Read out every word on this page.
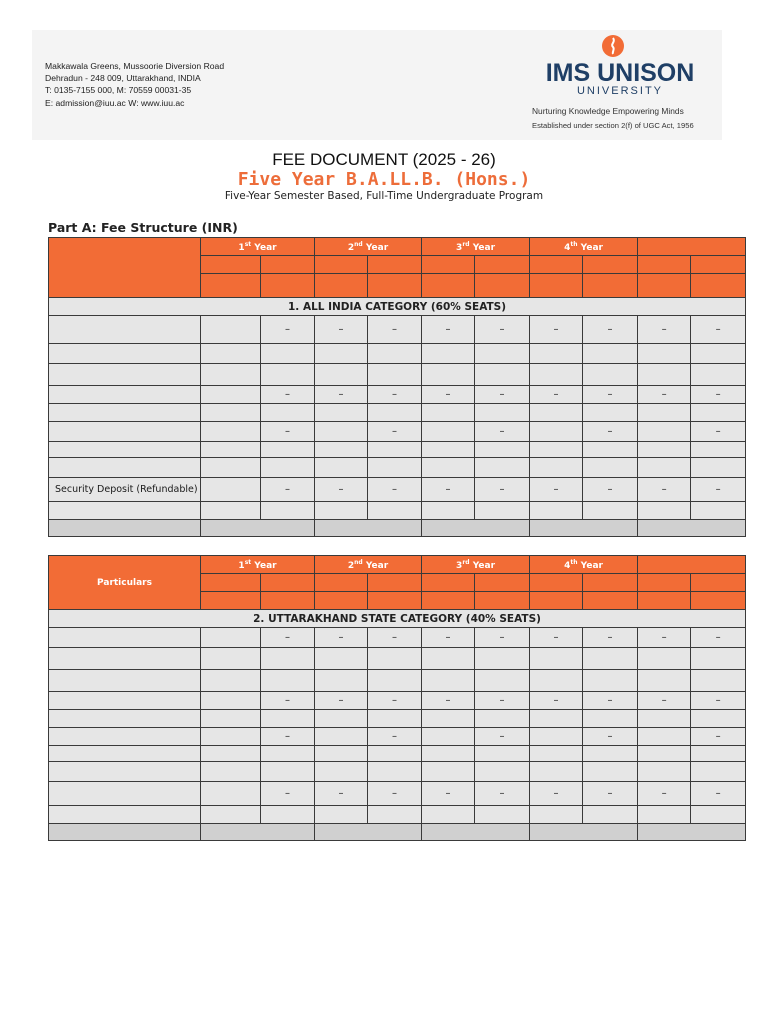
Makkawala Greens, Mussoorie Diversion Road
Dehradun - 248 009, Uttarakhand, INDIA
T: 0135-7155 000, M: 70559 00031-35
E: admission@iuu.ac W: www.iuu.ac
IMS UNISON
UNIVERSITY
Nurturing Knowledge Empowering Minds
Established under section 2(f) of UGC Act, 1956
FEE DOCUMENT (2025 - 26)
Five Year B.A.LL.B. (Hons.)
Five-Year Semester Based, Full-Time Undergraduate Program
Part A: Fee Structure (INR)
	1st Year		2nd Year		3rd Year		4th Year			

1. ALL INDIA CATEGORY (60% SEATS)										
		–	–	–	–	–	–	–	–	–

		–	–	–	–	–	–	–	–	–

		–		–		–		–		–

Security Deposit (Refundable)		–	–	–	–	–	–	–	–	–

Particulars	1st Year		2nd Year		3rd Year		4th Year			

2. UTTARAKHAND STATE CATEGORY (40% SEATS)										
		–	–	–	–	–	–	–	–	–

		–	–	–	–	–	–	–	–	–

		–		–		–		–		–

		–	–	–	–	–	–	–	–	–
